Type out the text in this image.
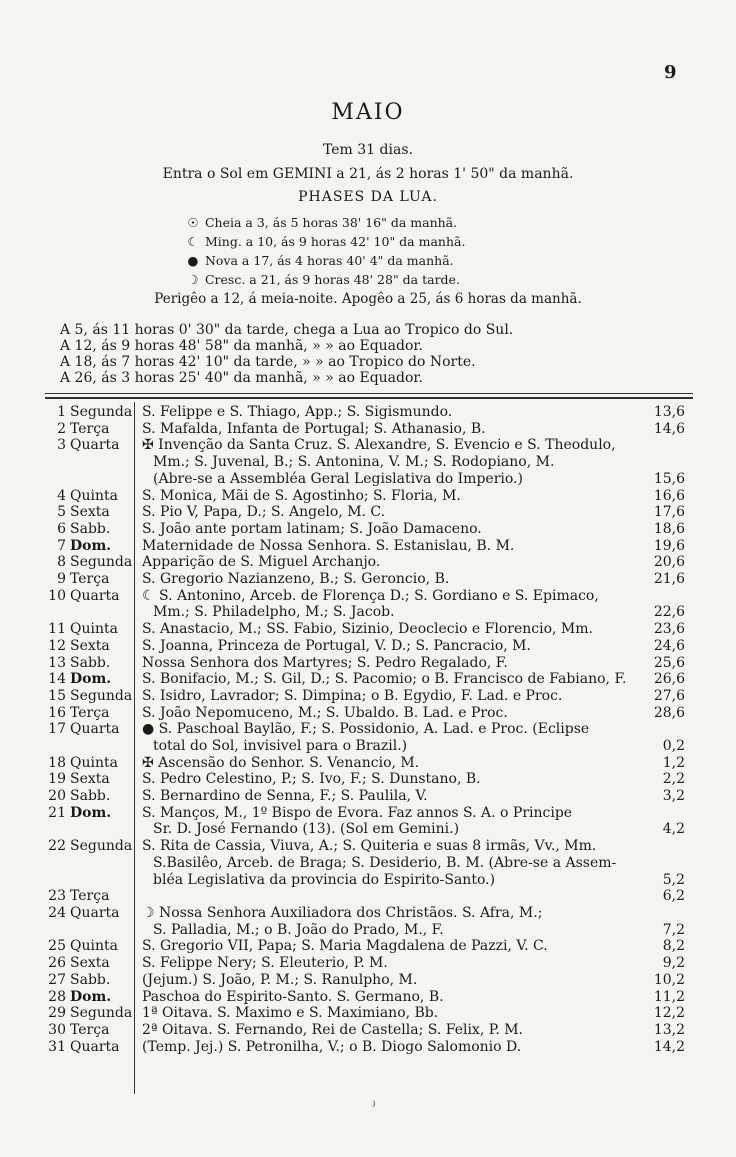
9
MAIO
Tem 31 dias.
Entra o Sol em GEMINI a 21, ás 2 horas 1' 50" da manhã.
PHASES DA LUA.
☉ Cheia a 3, ás 5 horas 38' 16" da manhã.
☾ Ming. a 10, ás 9 horas 42' 10" da manhã.
● Nova a 17, ás 4 horas 40' 4" da manhã.
☽ Cresc. a 21, ás 9 horas 48' 28" da tarde.
Perigêo a 12, á meia-noite. Apogêo a 25, ás 6 horas da manhã.
A 5, ás 11 horas 0' 30" da tarde, chega a Lua ao Tropico do Sul.
A 12, ás 9 horas 48' 58" da manhã, » » ao Equador.
A 18, ás 7 horas 42' 10" da tarde, » » ao Tropico do Norte.
A 26, ás 3 horas 25' 40" da manhã, » » ao Equador.
1 Segunda S. Felippe e S. Thiago, App.; S. Sigismundo.	13,6
2 Terça S. Mafalda, Infanta de Portugal; S. Athanasio, B.	14,6
3 Quarta ✠ Invenção da Santa Cruz. S. Alexandre, S. Evencio e S. Theodulo,
Mm.; S. Juvenal, B.; S. Antonina, V. M.; S. Rodopiano, M.
(Abre-se a Assembléa Geral Legislativa do Imperio.)	15,6
4 Quinta S. Monica, Mãi de S. Agostinho; S. Floria, M.	16,6
5 Sexta S. Pio V, Papa, D.; S. Angelo, M. C.	17,6
6 Sabb. S. João ante portam latinam; S. João Damaceno.	18,6
7 Dom. Maternidade de Nossa Senhora. S. Estanislau, B. M.	19,6
8 Segunda Apparição de S. Miguel Archanjo.	20,6
9 Terça S. Gregorio Nazianzeno, B.; S. Geroncio, B.	21,6
10 Quarta ☾ S. Antonino, Arceb. de Florença D.; S. Gordiano e S. Epimaco,
Mm.; S. Philadelpho, M.; S. Jacob.	22,6
11 Quinta S. Anastacio, M.; SS. Fabio, Sizinio, Deoclecio e Florencio, Mm.	23,6
12 Sexta S. Joanna, Princeza de Portugal, V. D.; S. Pancracio, M.	24,6
13 Sabb. Nossa Senhora dos Martyres; S. Pedro Regalado, F.	25,6
14 Dom. S. Bonifacio, M.; S. Gil, D.; S. Pacomio; o B. Francisco de Fabiano, F. 26,6
15 Segunda S. Isidro, Lavrador; S. Dimpina; o B. Egydio, F. Lad. e Proc.	27,6
16 Terça S. João Nepomuceno, M.; S. Ubaldo. B. Lad. e Proc.	28,6
17 Quarta ● S. Paschoal Baylão, F.; S. Possidonio, A. Lad. e Proc. (Eclipse
total do Sol, invisivel para o Brazil.)	0,2
18 Quinta ✠ Ascensão do Senhor. S. Venancio, M.	1,2
19 Sexta S. Pedro Celestino, P.; S. Ivo, F.; S. Dunstano, B.	2,2
20 Sabb. S. Bernardino de Senna, F.; S. Paulila, V.	3,2
21 Dom. S. Manços, M., 1º Bispo de Evora. Faz annos S. A. o Principe
Sr. D. José Fernando (13). (Sol em Gemini.)	4,2
22 Segunda S. Rita de Cassia, Viuva, A.; S. Quiteria e suas 8 irmãs, Vv., Mm.
S.Basilêo, Arceb. de Braga; S. Desiderio, B. M. (Abre-se a Assem-
bléa Legislativa da provincia do Espirito-Santo.)	5,2
23 Terça	6,2
24 Quarta ☽ Nossa Senhora Auxiliadora dos Christãos. S. Afra, M.;
S. Palladia, M.; o B. João do Prado, M., F.	7,2
25 Quinta S. Gregorio VII, Papa; S. Maria Magdalena de Pazzi, V. C.	8,2
26 Sexta S. Felippe Nery; S. Eleuterio, P. M.	9,2
27 Sabb. (Jejum.) S. João, P. M.; S. Ranulpho, M.	10,2
28 Dom. Paschoa do Espirito-Santo. S. Germano, B.	11,2
29 Segunda 1ª Oitava. S. Maximo e S. Maximiano, Bb.	12,2
30 Terça 2ª Oitava. S. Fernando, Rei de Castella; S. Felix, P. M.	13,2
31 Quarta (Temp. Jej.) S. Petronilha, V.; o B. Diogo Salomonio D.	14,2
ʲ
